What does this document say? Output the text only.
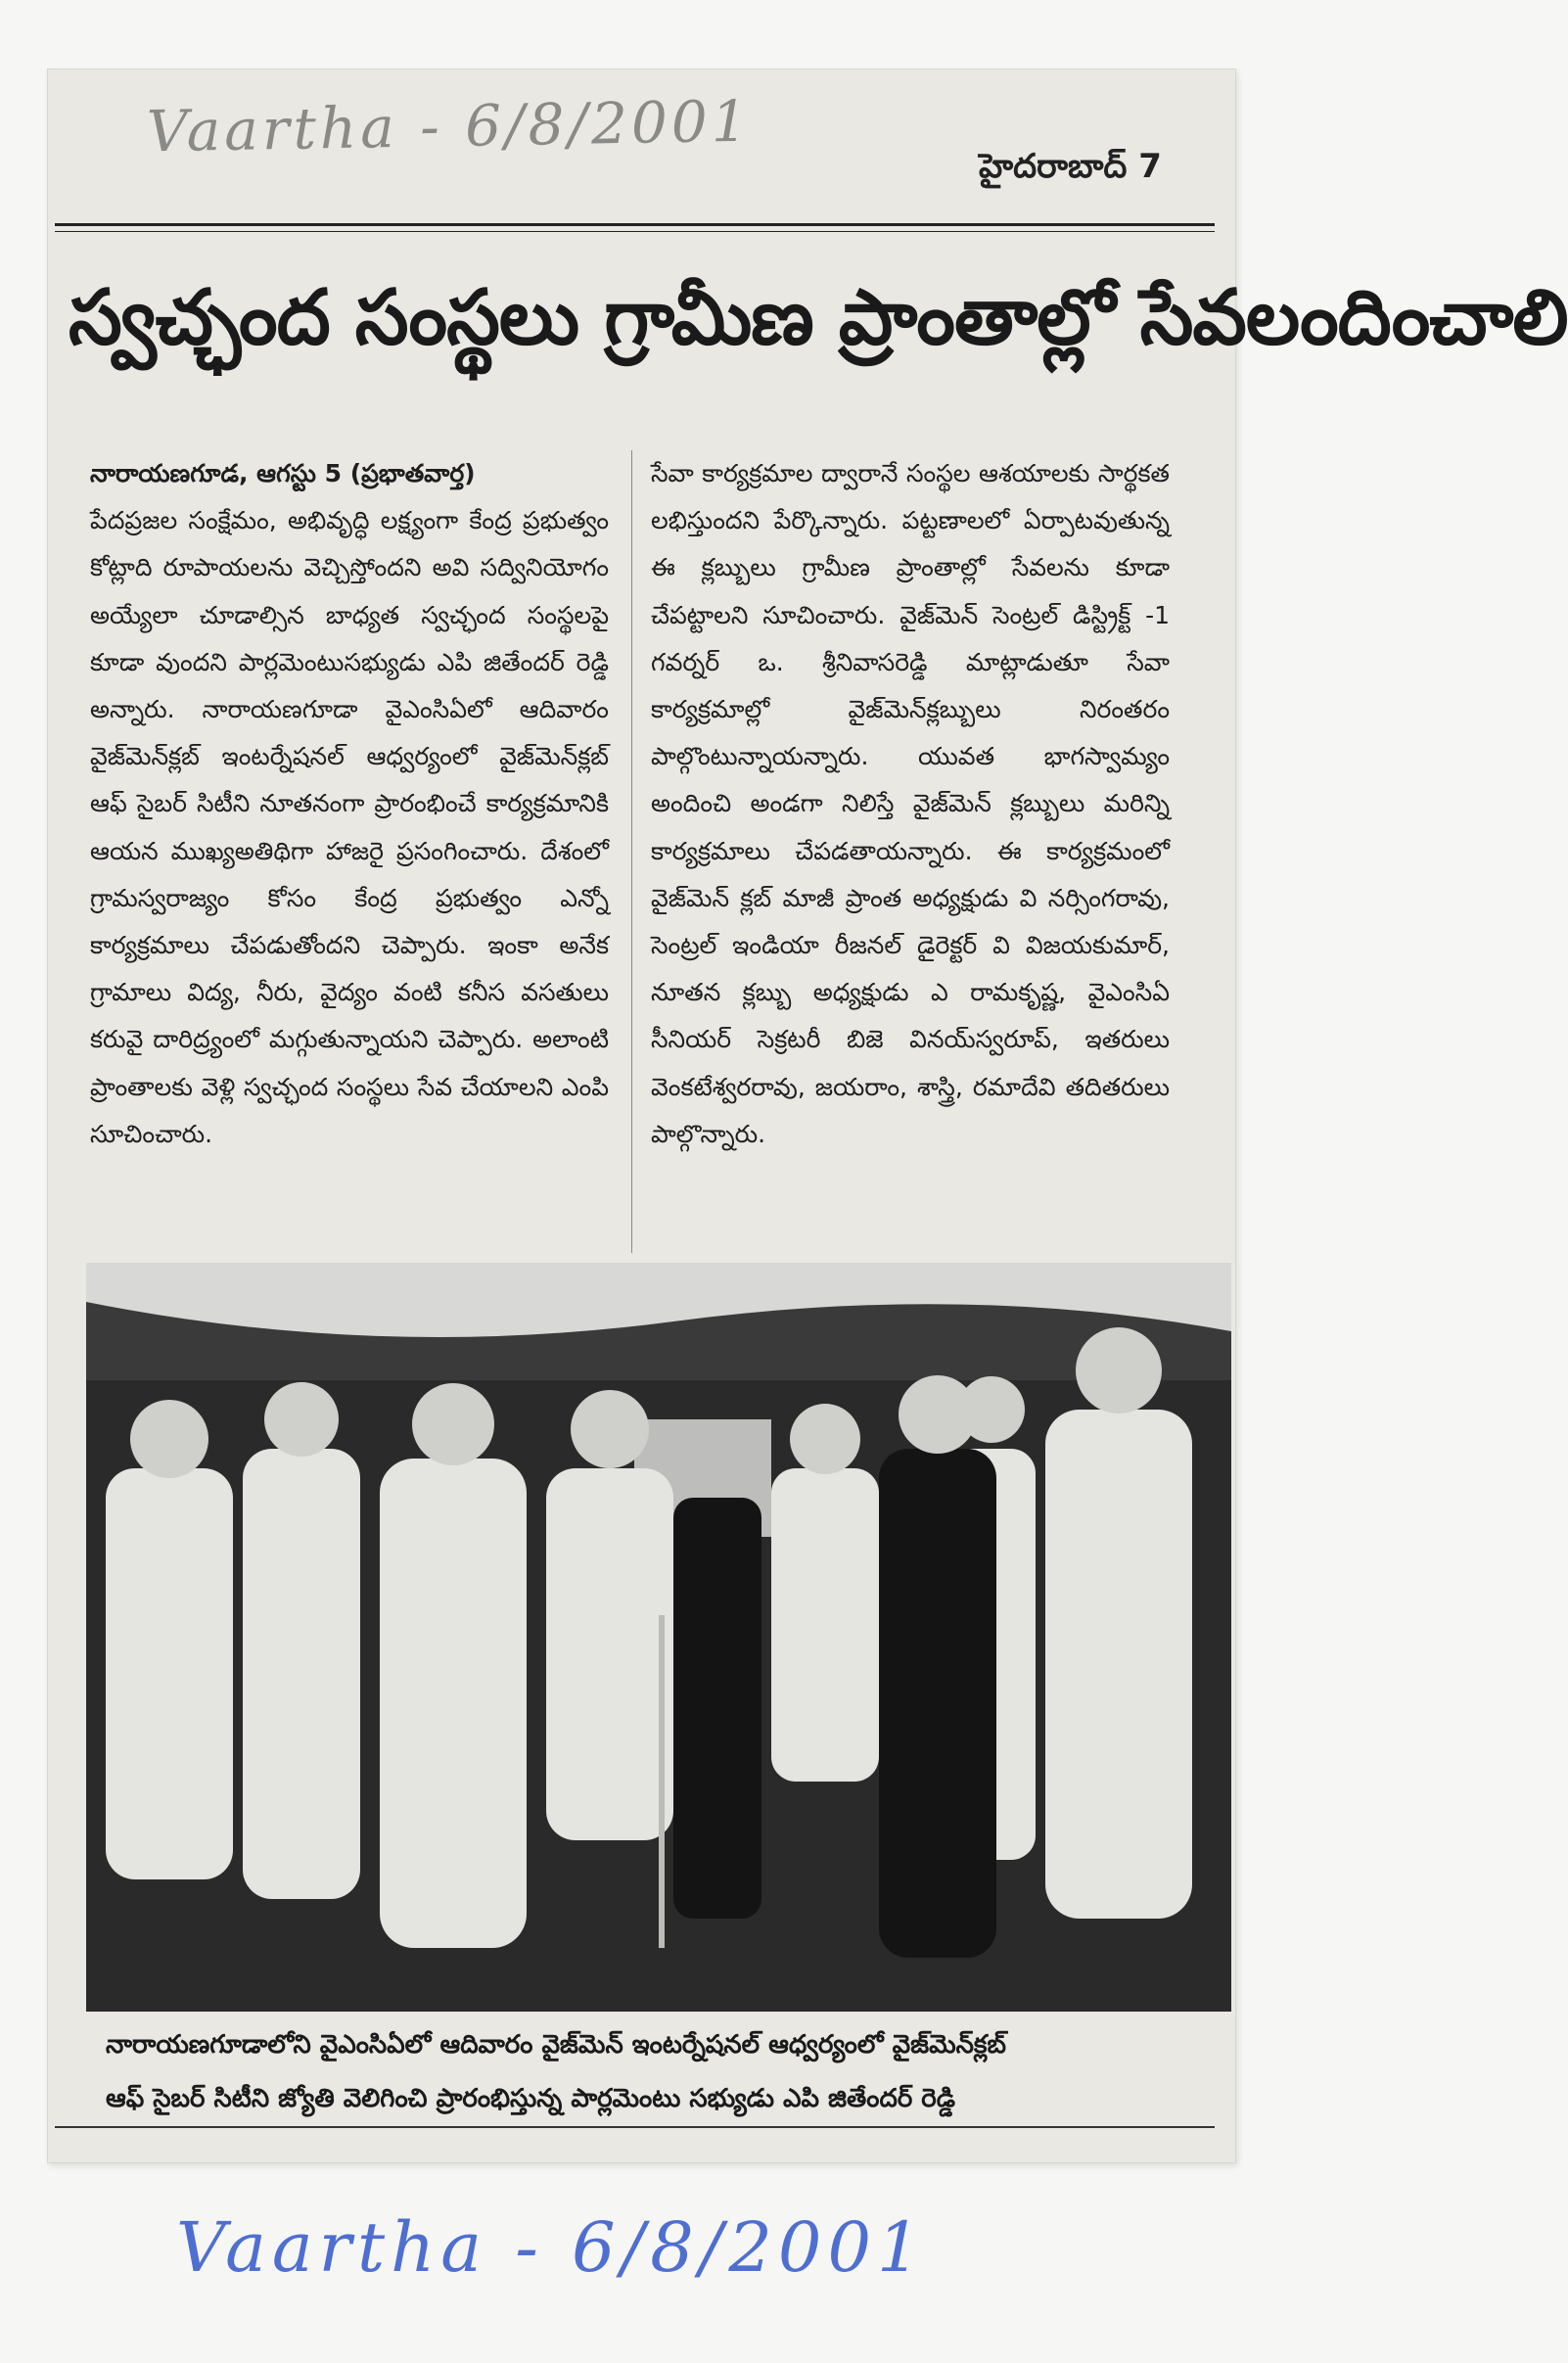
Vaartha - 6/8/2001
హైదరాబాద్ 7
స్వచ్ఛంద సంస్థలు గ్రామీణ ప్రాంతాల్లో సేవలందించాలి

నారాయణగూడ, ఆగస్టు 5 (ప్రభాతవార్త)

పేదప్రజల సంక్షేమం, అభివృద్ధి లక్ష్యంగా కేంద్ర ప్రభుత్వం కోట్లాది రూపాయలను వెచ్చిస్తోందని అవి సద్వినియోగం అయ్యేలా చూడాల్సిన బాధ్యత స్వచ్ఛంద సంస్థలపై కూడా వుందని పార్లమెంటుసభ్యుడు ఎపి జితేందర్ రెడ్డి అన్నారు. నారాయణగూడా వైఎంసిఏలో ఆదివారం వైజ్‌మెన్‌క్లబ్ ఇంటర్నేషనల్ ఆధ్వర్యంలో వైజ్‌మెన్‌క్లబ్ ఆఫ్ సైబర్ సిటీని నూతనంగా ప్రారంభించే కార్యక్రమానికి ఆయన ముఖ్యఅతిథిగా హాజరై ప్రసంగించారు. దేశంలో గ్రామస్వరాజ్యం కోసం కేంద్ర ప్రభుత్వం ఎన్నో కార్యక్రమాలు చేపడుతోందని చెప్పారు. ఇంకా అనేక గ్రామాలు విద్య, నీరు, వైద్యం వంటి కనీస వసతులు కరువై దారిద్ర్యంలో మగ్గుతున్నాయని చెప్పారు. అలాంటి ప్రాంతాలకు వెళ్లి స్వచ్ఛంద సంస్థలు సేవ చేయాలని ఎంపి సూచించారు.

సేవా కార్యక్రమాల ద్వారానే సంస్థల ఆశయాలకు సార్థకత లభిస్తుందని పేర్కొన్నారు. పట్టణాలలో ఏర్పాటవుతున్న ఈ క్లబ్బులు గ్రామీణ ప్రాంతాల్లో సేవలను కూడా చేపట్టాలని సూచించారు. వైజ్‌మెన్ సెంట్రల్ డిస్ట్రిక్ట్ -1 గవర్నర్ ఒ. శ్రీనివాసరెడ్డి మాట్లాడుతూ సేవా కార్యక్రమాల్లో వైజ్‌మెన్‌క్లబ్బులు నిరంతరం పాల్గొంటున్నాయన్నారు. యువత భాగస్వామ్యం అందించి అండగా నిలిస్తే వైజ్‌మెన్ క్లబ్బులు మరిన్ని కార్యక్రమాలు చేపడతాయన్నారు. ఈ కార్యక్రమంలో వైజ్‌మెన్ క్లబ్ మాజీ ప్రాంత అధ్యక్షుడు వి నర్సింగరావు, సెంట్రల్ ఇండియా రీజనల్ డైరెక్టర్ వి విజయకుమార్, నూతన క్లబ్బు అధ్యక్షుడు ఎ రామకృష్ణ, వైఎంసిఏ సీనియర్ సెక్రటరీ బిజె వినయ్‌స్వరూప్, ఇతరులు వెంకటేశ్వరరావు, జయరాం, శాస్త్రి, రమాదేవి తదితరులు పాల్గొన్నారు.

నారాయణగూడాలోని వైఎంసిఏలో ఆదివారం వైజ్‌మెన్ ఇంటర్నేషనల్ ఆధ్వర్యంలో వైజ్‌మెన్‌క్లబ్

ఆఫ్ సైబర్ సిటీని జ్యోతి వెలిగించి ప్రారంభిస్తున్న పార్లమెంటు సభ్యుడు ఎపి జితేందర్ రెడ్డి

Vaartha - 6/8/2001
